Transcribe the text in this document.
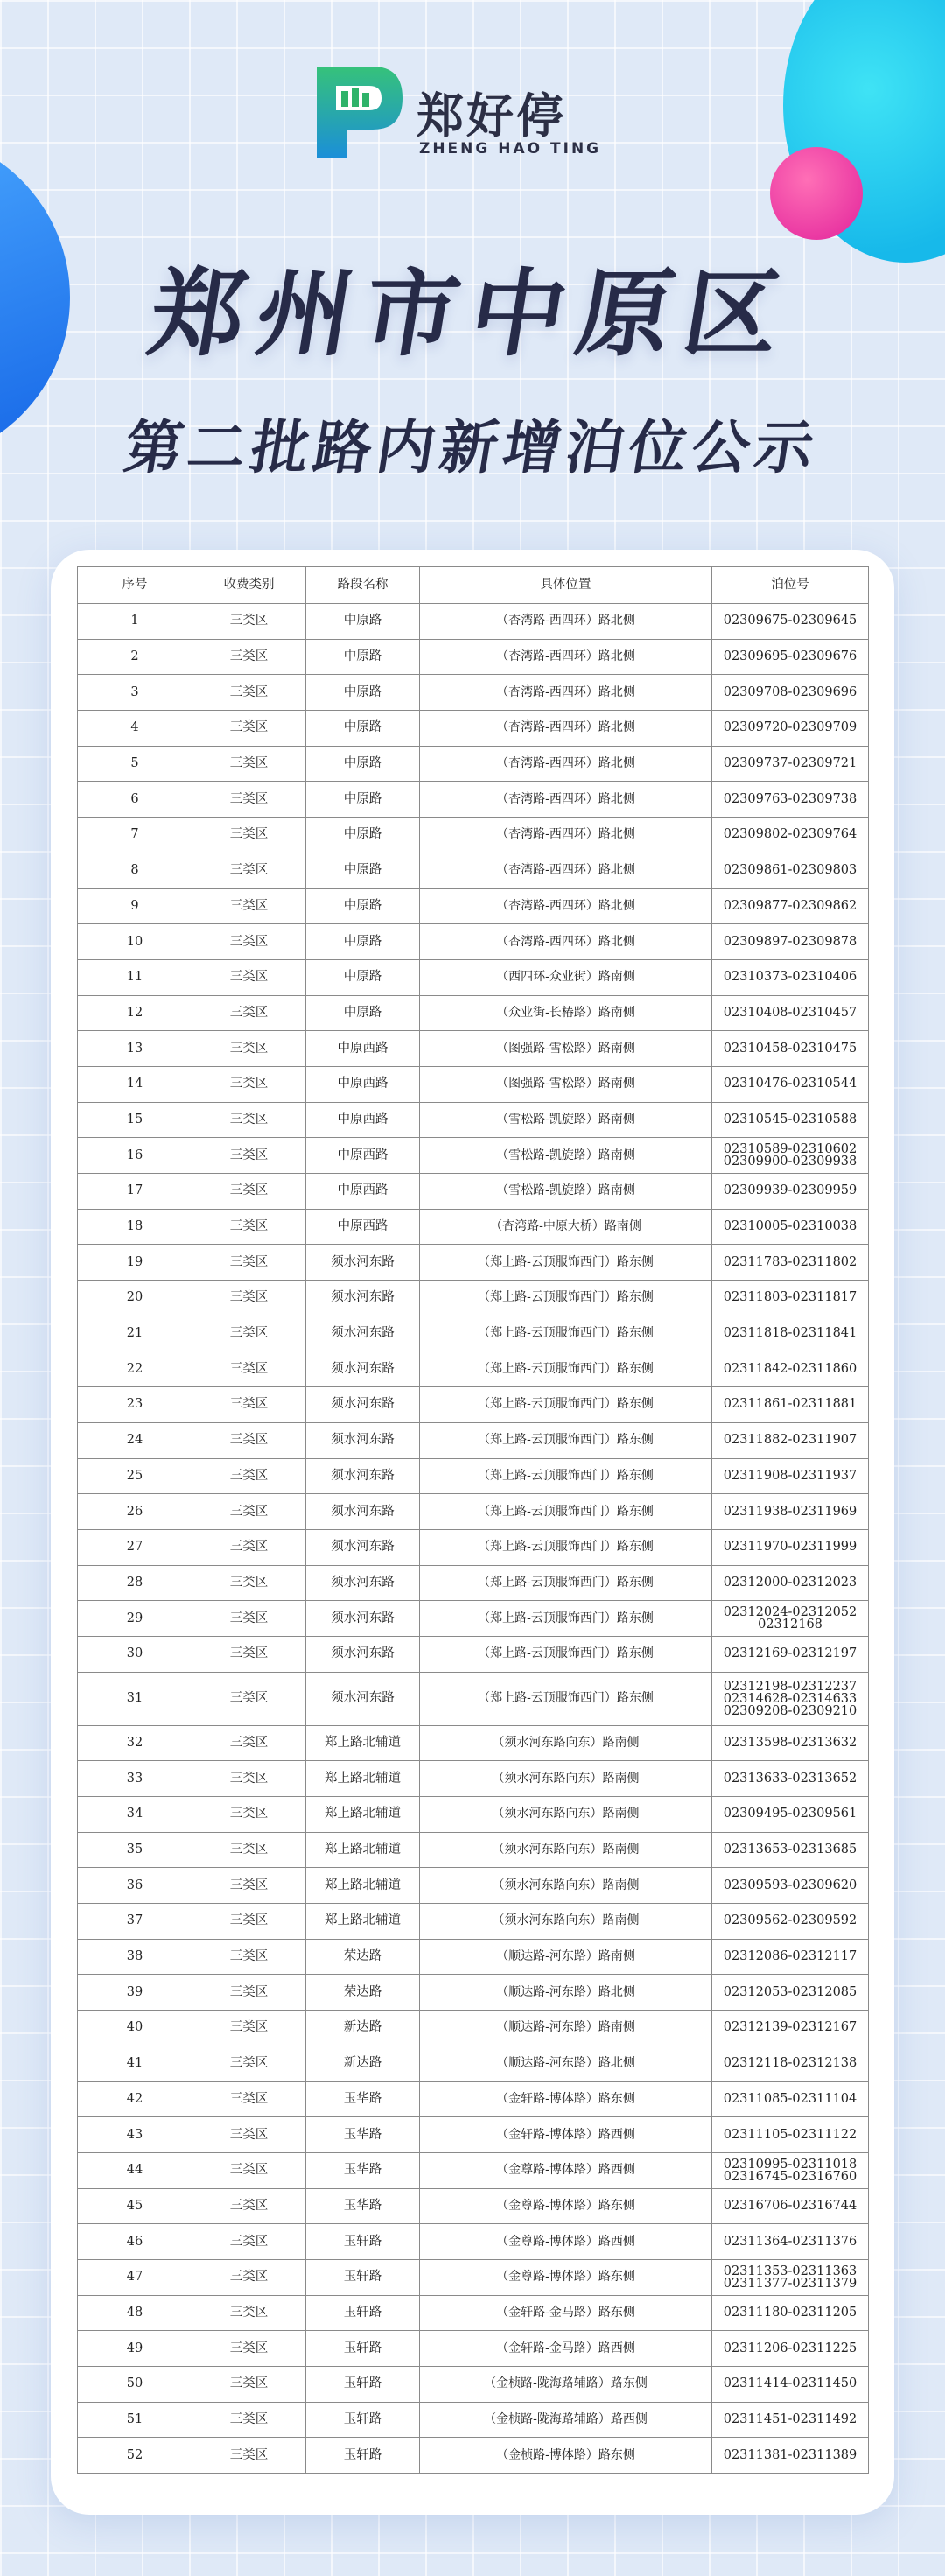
郑好停
ZHENG HAO TING
郑州市中原区
第二批路内新增泊位公示
序号	收费类别	路段名称	具体位置	泊位号
1	三类区	中原路	（杏湾路-西四环）路北侧	02309675-02309645
2	三类区	中原路	（杏湾路-西四环）路北侧	02309695-02309676
3	三类区	中原路	（杏湾路-西四环）路北侧	02309708-02309696
4	三类区	中原路	（杏湾路-西四环）路北侧	02309720-02309709
5	三类区	中原路	（杏湾路-西四环）路北侧	02309737-02309721
6	三类区	中原路	（杏湾路-西四环）路北侧	02309763-02309738
7	三类区	中原路	（杏湾路-西四环）路北侧	02309802-02309764
8	三类区	中原路	（杏湾路-西四环）路北侧	02309861-02309803
9	三类区	中原路	（杏湾路-西四环）路北侧	02309877-02309862
10	三类区	中原路	（杏湾路-西四环）路北侧	02309897-02309878
11	三类区	中原路	（西四环-众业街）路南侧	02310373-02310406
12	三类区	中原路	（众业街-长椿路）路南侧	02310408-02310457
13	三类区	中原西路	（图强路-雪松路）路南侧	02310458-02310475
14	三类区	中原西路	（图强路-雪松路）路南侧	02310476-02310544
15	三类区	中原西路	（雪松路-凯旋路）路南侧	02310545-02310588
16	三类区	中原西路	（雪松路-凯旋路）路南侧	02310589-02310602
02309900-02309938
17	三类区	中原西路	（雪松路-凯旋路）路南侧	02309939-02309959
18	三类区	中原西路	（杏湾路-中原大桥）路南侧	02310005-02310038
19	三类区	须水河东路	（郑上路-云顶服饰西门）路东侧	02311783-02311802
20	三类区	须水河东路	（郑上路-云顶服饰西门）路东侧	02311803-02311817
21	三类区	须水河东路	（郑上路-云顶服饰西门）路东侧	02311818-02311841
22	三类区	须水河东路	（郑上路-云顶服饰西门）路东侧	02311842-02311860
23	三类区	须水河东路	（郑上路-云顶服饰西门）路东侧	02311861-02311881
24	三类区	须水河东路	（郑上路-云顶服饰西门）路东侧	02311882-02311907
25	三类区	须水河东路	（郑上路-云顶服饰西门）路东侧	02311908-02311937
26	三类区	须水河东路	（郑上路-云顶服饰西门）路东侧	02311938-02311969
27	三类区	须水河东路	（郑上路-云顶服饰西门）路东侧	02311970-02311999
28	三类区	须水河东路	（郑上路-云顶服饰西门）路东侧	02312000-02312023
29	三类区	须水河东路	（郑上路-云顶服饰西门）路东侧	02312024-02312052
02312168
30	三类区	须水河东路	（郑上路-云顶服饰西门）路东侧	02312169-02312197
31	三类区	须水河东路	（郑上路-云顶服饰西门）路东侧	02312198-02312237
02314628-02314633
02309208-02309210
32	三类区	郑上路北辅道	（须水河东路向东）路南侧	02313598-02313632
33	三类区	郑上路北辅道	（须水河东路向东）路南侧	02313633-02313652
34	三类区	郑上路北辅道	（须水河东路向东）路南侧	02309495-02309561
35	三类区	郑上路北辅道	（须水河东路向东）路南侧	02313653-02313685
36	三类区	郑上路北辅道	（须水河东路向东）路南侧	02309593-02309620
37	三类区	郑上路北辅道	（须水河东路向东）路南侧	02309562-02309592
38	三类区	荣达路	（顺达路-河东路）路南侧	02312086-02312117
39	三类区	荣达路	（顺达路-河东路）路北侧	02312053-02312085
40	三类区	新达路	（顺达路-河东路）路南侧	02312139-02312167
41	三类区	新达路	（顺达路-河东路）路北侧	02312118-02312138
42	三类区	玉华路	（金轩路-博体路）路东侧	02311085-02311104
43	三类区	玉华路	（金轩路-博体路）路西侧	02311105-02311122
44	三类区	玉华路	（金尊路-博体路）路西侧	02310995-02311018
02316745-02316760
45	三类区	玉华路	（金尊路-博体路）路东侧	02316706-02316744
46	三类区	玉轩路	（金尊路-博体路）路西侧	02311364-02311376
47	三类区	玉轩路	（金尊路-博体路）路东侧	02311353-02311363
02311377-02311379
48	三类区	玉轩路	（金轩路-金马路）路东侧	02311180-02311205
49	三类区	玉轩路	（金轩路-金马路）路西侧	02311206-02311225
50	三类区	玉轩路	（金桢路-陇海路辅路）路东侧	02311414-02311450
51	三类区	玉轩路	（金桢路-陇海路辅路）路西侧	02311451-02311492
52	三类区	玉轩路	（金桢路-博体路）路东侧	02311381-02311389
